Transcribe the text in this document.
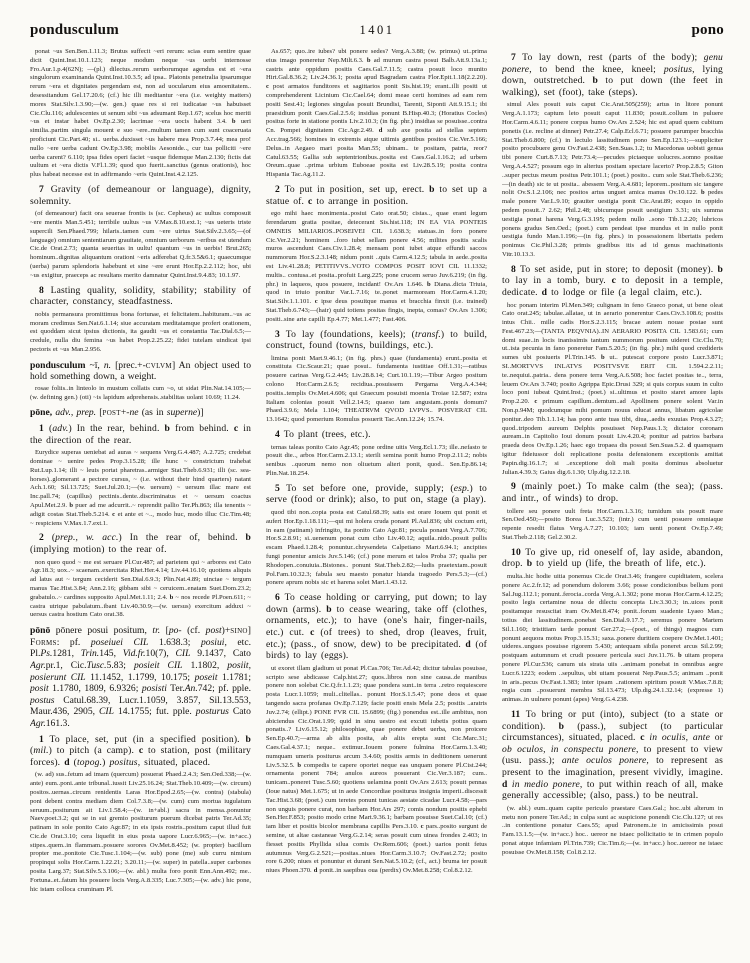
pondusculum	1401	pono

ponat ~us Sen.Ben.1.11.3; Brutus suffecit ~eri rerum: scias eum sentire quae dicit Quint.Inst.10.1.123; neque modum neque ~us uerbi internosse Fro.Aur.1.p.4(62N); —(pl.) dilectus..rerum uerborumque agendus est et ~era singulorum examinanda Quint.Inst.10.3.5; ad ipsa.. Platonis penetralia ipsarumque rerum ~era et dignitates pergendam est, non ad uocularum eius amoenitatem.. desessitandum Gel.17.20.6; (cf.) hic illi meditantur ~era (i.e. weighty matters) mores Stat.Silv.1.3.90;—(w. gen.) quae res si rei iudicatae ~us habuisset Cic.Clu.116; adulescentes ut senum sibi ~us adsumant Rep.1.67; scelus hoc meriti ~us et instar habet Ov.Ep.2.30; lacrimae ~era uocis habent 3.4. b ueri similia..partim singula mouent e suo ~ere..multum tamen cum sunt coaceruata proficiunt Cic.Part.40; si.. uerba..duxisset ~us habere mea Prop.3.7.44; mea pro! nullo ~ere uerba cadunt Ov.Ep.3.98; mobilis Aesonide.., cur tua polliciti ~ere uerba carent? 6.110; ipsa fides operi faciet ~usque fidemque Man.2.130; fictis dat uultum et ~era dictis V.Fl.1.39; quod quo fuerit..sanctius (genus orationis), hoc plus habeat necesse est in adfirmando ~eris Quint.Inst.4.2.125.

7 Gravity (of demeanour or language), dignity, solemnity.

(of demeanour) facit ora seuerae frontis is (sc. Cepheus) ac uultus composuit ~ere mentis Man.5.451; terribile uultus ~us V.Max.8.10.ext.1; ~us ueteris triste supercili Sen.Phaed.799; hilaris..tamen cum ~ere uirtus Stat.Silv.2.3.65;—(of language) omnium sententiarum grauitate, omnium uerborum ~eribus est utendum Cic.de Orat.2.73; quanta seueritas in uultu! quantum ~us in uerbis! Brut.265; hominum..dignitas aliquantum orationi ~eris adferebat Q.fr.3.5&6.1; quaecumque (uerba) parum splendoris habebunt et sine ~ere erunt Hor.Ep.2.2.112; hoc, ubi ~us exigitur, praeceps ac resultans merito damnatur Quint.Inst.9.4.83; 10.1.97.

8 Lasting quality, solidity, stability; stability of character, constancy, steadfastness.

nobis permansura promittimus bona fortunae, et felicitatem..habituram..~us ac moram credimus Sen.Nat.6.1.14; siue accuratam meditatamque profert orationem, est quoddam sicut ipsius dictionis, ita gaudii ~us et constantia Tac.Dial.6.5;—credule, nulla diu femina ~us habet Prop.2.25.22; fidei tutelam uindicat ipsi pectoris et ~us Man.2.956.

pondusculum ~ī, n. [prec.+-cvlvm] An object used to hold something down, a weight.

rosae foliis..in linteolo in mustum collatis cum ~o, ut sidat Plin.Nat.14.105;—(w. defining gen.) (oti) ~is lapidum adprehensis..stabilitas uolant 10.69; 11.24.

pōne, adv., prep. [post+-ne (as in superne)]

1 (adv.) In the rear, behind. b from behind. c in the direction of the rear.

Eurydice superas ueniebat ad auras ~ sequens Verg.G.4.487; A.2.725; credebat dominae ~ uenire pedes Prop.3.15.28; ille hunc ~ constrictum trahebat Rut.Lup.1.14; illi ~ leuis portat pharetras..armiger Stat.Theb.6.931; illi (sc. sea-horses)..glomerant a pectore cursus, ~ (i.e. without their hind quarters) natant Ach.1.60; Sil.13.725; Suet.Jul.20.1;—(w. uersum) ~ uersum illac mare est Inc.pall.74; (capillus) pectinis..dente..discriminatus et ~ uersum coactus Apul.Met.2.9. b puer ad me adcurrit..~ reprendit pallio Ter.Ph.863; illa tenentis ~ adigit costas Stat.Theb.5.214. c et ante et ~.., modo huc, modo illuc Cic.Tim.48; ~ respiciens V.Max.1.7.ext.1.

2 (prep., w. acc.) In the rear of, behind. b (implying motion) to the rear of.

non queo quod ~ me est seruare Pl.Cur.487; ad parietem qui ~ arbores est Cato Agr.18.3; uox..~ scaenam..exercitata Rhet.Her.4.14; Liv.44.16.10; quotiens aliquis ad latus aut ~ tergum ceciderit Sen.Dial.6.9.3; Plin.Nat.4.89; uinctae ~ tergum manus Tac.Hist.3.84; Ann.2.16; gibbam sibi ~ ceruicem..enatam Suet.Dom.23.2; grabatulo..~ cardines supposito Apul.Met.1.11; 2.4. b ~ nos recede Pl.Poen.611; ~ castra utrique pabulatum..ibant Liv.40.30.9;—(w. uersus) exercitum adduxi ~ uersus castra hostium Cato orat.38.

pōnō pōnere posui positum, tr. [po- (cf. post)+sino] Forms: pf. poseiuei CIL 1.638.3; posiui, etc. Pl.Ps.1281, Trin.145, Vid.fr.10(7), CIL 9.1437, Cato Agr.pr.1, Cic.Tusc.5.83; posieit CIL 1.1802, posiit, posierunt CIL 11.1452, 1.1799, 10.175; poseit 1.1781; posit 1.1780, 1809, 6.9326; posisti Ter.An.742; pf. pple. postus Catul.68.39, Lucr.1.1059, 3.857, Sil.13.553, Maur.436, 2905, CIL 14.1755; fut. pple. posturus Cato Agr.161.3.

1 To place, set, put (in a specified position). b (mil.) to pitch (a camp). c to station, post (military forces). d (topog.) positus, situated, placed.

(w. ad) sus..fetum ad imam (quercum) posuerat Phaed.2.4.3; Sen.Oed.338;—(w. ante) eum..poni..ante tribunal..iussit Liv.25.16.24; Stat.Theb.10.409;—(w. circum) positos..uernas..circum renidentis Laras Hor.Epod.2.65;—(w. contra) (stabula) poni debent contra mediam diem Col.7.3.8;—(w. cum) cum mortua iugulatum seruum..positurum ait Liv.1.58.4;—(w. in+abl.) sacra in mensa..ponuntur Naev.poet.3.2; qui se in sui gremio positurum puerum dicebat patris Ter.Ad.35; patinam in sole ponito Cato Agr.87; in eis ipsis rostris..positum caput illud fuit Cic.de Orat.3.10; cera liquefit in eius posta uapore Lucr.6.965;—(w. in+acc.) stipes..quem..in flammam..posuere sorores Ov.Met.8.452; (w. propter) bacillum propter me..ponitote Cic.Tusc.1.104;—(w. sub) pone (me) sub curru nimium propinqui solis Hor.Carm.1.22.21; 3.20.11;—(w. super) in patella..super carbones posita Larg.37; Stat.Silv.5.3.106;—(w. abl.) multa foro ponit Enn.Ann.492; me.. Fortuna..et..fatum his posuere locis Verg.A.8.335; Luc.7.305;—(w. adv.) hic pone, hic istam colloca cruminam Pl.

As.657; quo..ire iubes? ubi ponere sedes? Verg.A.3.88; (w. primus) ut..prima eius imago poneretur Nep.Milt.6.3. b ad murum castra posui Balb.Att.9.13a.1; castris ante oppidum positis Caes.Gal.7.11.5; castra posuit loco munito Hirt.Gal.8.36.2; Liv.24.36.1; posita apud Bagradam castra Flor.Epit.1.18(2.2.20). c post armatos funditores et sagittarios ponit Sis.hist.19; erant..illi positi ut comprehenderent Licinium Cic.Cael.64; domi meae certi homines ad eam rem positi Sest.41; legiones singulas posuit Brundisi, Tarenti, Siponti Att.9.15.1; ibi praesidium ponit Caes.Gal.2.5.6; insidias ponunt B.Hisp.40.3; (Horatius Cocles) positus forte in statione pontis Liv.2.10.3; (in fig. phr.) insidias se posuisse..contra Cn. Pompei dignitatem Cic.Agr.2.49. d sub axe posita ad stellas septem Acc.trag.566; homines in extremis atque uitimis gentibus positos Cic.Ver.5.166; Delus..in Aegaeo mari posita Man.55; ubinam.. te positam, patria, reor? Catul.63.55; Gallia sub septentrionibus..posita est Caes.Gal.1.16.2; ad urbem Oreum..quae ..prima urbium Euboeae posita est Liv.28.5.19; posita contra Hispania Tac.Ag.11.2.

2 To put in position, set up, erect. b to set up a statue of. c to arrange in position.

ego mihi haec monimenta..posiui Cato orat.50; cistas.., quae erant legum ferendarum gratia positae, deiecerant Sis.hist.118; IN EA VIA PONTEIS OMNEIS MILIARIOS..POSEIVEI CIL 1.638.3; statuas..in foro ponere Cic.Ver.2.21; hominem ..foro iubet sellam ponere 4.56; milites positis scalis muros ascendunt Caes.Civ.1.28.4; mensam poni iubet atque effundi saccos nummorum Hor.S.2.3.148; nidum ponit ..quis Carm.4.12.5; tabula in aede..posita est Liv.41.28.8; PETITIVVS..VOTO COMPOS POSIT IOVI CIL 11.1332; multis.. contusa..et posita..profuit Larg.225; pone crucem seruo Juv.6.219; (in fig. phr.) in laqueos, quos posuere, incidant! Ov.Ars 1.646. b Diana..dicta Triuia, quod in triuio ponitur Var.L.7.16; te..ponet marmoream Hor.Carm.4.1.20; Stat.Silv.1.1.101. c ipse deus posuitque manus et bracchia finxit (i.e. trained) Stat.Theb.6.743;—(hair) quid totiens positas fingis, inepta, comas? Ov.Ars 1.306; positi..sine arte capilli Ep.4.77; Met.1.477; Fast.406.

3 To lay (foundations, keels); (transf.) to build, construct, found (towns, buildings, etc.).

limina ponit Mart.9.46.1; (in fig. phrs.) quae (fundamenta) erunt..posita et constituta Cic.Scaur.21; quae posui.. fundamenta iustitiae Off.1.31;—ratibus posuere carinas Verg.G.2.445; Liv.28.8.14; Curt.10.1.19;—Tibur Argeo positum colono Hor.Carm.2.6.5; recidiua..posuissem Pergama Verg.A.4.344; positis..templis Ov.Met.4.606; qui Graecum posuisti moenia Troiae 12.587; extra Italiam colonias posuit Vell.2.14.5; quaeso tam angustam..ponis domum? Phaed.3.9.6; Mela 1.104; THEATRVM QVOD LVPVS.. POSVERAT CIL 13.1642; quod pomerium Romulus posuerit Tac.Ann.12.24; 15.74.

4 To plant (trees, etc.).

ternas taleas ponito Cato Agr.45; pone ordine uitis Verg.Ecl.1.73; ille..nefasto te posuit die.., arbos Hor.Carm.2.13.1; sterili semina ponit humo Prop.2.11.2; nobis senibus ..quorum nemo non oliuetum alteri ponit, quod.. Sen.Ep.86.14; Plin.Nat.18.254.

5 To set before one, provide, supply; (esp.) to serve (food or drink); also, to put on, stage (a play).

quod tibi non..copia posta est Catul.68.39; satis est orare Iouem qui ponit et aufert Hor.Ep.1.18.111;—qui mi holera cruda ponant Pl.Aul.836; ubi coctum erit, in eam (patinam) infringito, ita ponito Cato Agr.81; pocula ponant Verg.A.7.706; Hor.S.2.8.91; si..uenenum ponat cum cibo Liv.40.12; aquila..nido..posuit pullis escam Phaed.1.28.4; ponuntur..chrysendeta Calpetiano Mart.6.94.1; ancipites fungi ponentur amicis Juv.5.146; (cf.) pone merum et talos Proba 37; qualia per Rhodopen..conuiuia..Bistones.. ponunt Stat.Theb.2.82;—ludis praetextam..posuit Pol.Fam.10.32.3; fabula seu maesto ponatur hianda tragoedo Pers.5.3;—(cf.) ponere aprum nobis sic et harena solet Mart.1.43.12.

6 To cease holding or carrying, put down; to lay down (arms). b to cease wearing, take off (clothes, ornaments, etc.); to have (one's hair, finger-nails, etc.) cut. c (of trees) to shed, drop (leaves, fruit, etc.); (pass., of snow, dew) to be precipitated. d (of birds) to lay (eggs).

ut exoret illam gladium ut ponat Pl.Cas.706; Ter.Ad.42; dicitur tabulas posuisse, scripto sese abdicasse Calp.hist.27; quos..libros non sine causa..de manibus ponere non solebat Cic.Q.fr.1.1.23; quae pondera sunt..in terra ..retro requiescere posta Lucr.1.1059; muli..clitellas.. ponunt Hor.S.1.5.47; pone deos et quae tangendo sacra profanas Ov.Ep.7.129; facie positi ensis Mela 2.5; positis ..aratris Juv.2.74; (ellipt.) PONE FVR CIL 15.6899; (fig.) ponendus est..ille ambitus, non abiciendus Cic.Orat.1.99; quid in sinu uestro est excuti iubetis potius quam ponatis..? Liv.6.15.12; philosophiae, quae ponere debet uerba, non proicere Sen.Ep.40.7;—arma ab aliis posita, ab aliis erepta sunt Cic.Marc.31; Caes.Gal.4.37.1; neque.. extimur..Iouem ponere fulmina Hor.Carm.1.3.40; numquam umeris positurus arcum 3.4.60; positis armis in deditionem uenerunt Liv.5.32.5. b compedis te capere oportet neque eas unquam ponere Pl.Cist.244; ornamenta ponent 784; anulos aureos posuerant Cic.Ver.3.187; cum.. tunicam..poneret Tusc.5.60; quotiens uelamina ponit Ov.Ars 2.613; posuit pennas (Ioue natus) Met.1.675; ut in aede Concordiae positurus insignia imperii..discessit Tac.Hist.3.68; (poet.) cum teretes ponunt tunicas aestate cicadae Lucr.4.58;—pars non unguis ponere curat, non barbam Hor.Ars 297; comis nondum positis ephebi Sen.Her.F.853; posito modo crine Mart.9.36.1; barbam posuisse Suet.Cal.10; (cf.) iam liber et positis bicolor membrana capillis Pers.3.10. c pars..posito surgunt de semine, ut altae castaneae Verg.G.2.14; seras posuit cum uinea frondes 2.403; in fiesset positis Phyllida silua comis Ov.Rem.606; (poet.) uarios ponit fetus autumnus Verg.G.2.521;—positas..niues Hor.Carm.3.10.7; Ov.Fast.2.72; posito rore 6.200; niues et ponuntur et durant Sen.Nat.5.10.2; (cf., act.) bruma ter posuit niues Phoen.370. d ponit..in saepibus oua (perdix) Ov.Met.8.258; Col.8.2.12.

7 To lay down, rest (parts of the body); genu ponere, to bend the knee, kneel; positus, lying down, outstretched. b to put down (the feet in walking), set (foot), take (steps).

simul Ales posuit suis caput Cic.Arat.505(259); artus in litore ponunt Verg.A.1.173; captum leto posuit caput 11.830; posuit..collum in puluere Hor.Carm.4.6.11; ponere corpus humo Ov.Ars 2.524; hic est apud quem cubitum ponetis (i.e. recline at dinner) Petr.27.4; Calp.Ecl.6.71; posuere parumper bracchia Stat.Theb.6.800; (cf.) in lectulo lassitudinem pono Sen.Ep.123.1;—suppliciter posito procubuere genu Ov.Fast.2.438; Sen.Suas.1.2; tu Macedonas uobisti genua tibi ponere Curt.8.7.13; Petr.73.4;—pecudes pictaeque uolucres..somno positae Verg.A.4.527; possum ego in alterius positam spectare lacerto? Prop.2.8.5; Giton ..super pectus meum positus Petr.101.1; (poet.) posito.. cum sole Stat.Theb.6.236;—(in death) sic te ut posita.. abessem Verg.A.4.681; leporem..positum sic tangere nolit Ov.S.1.2.106; nec positos artus unguet amica manus Ov.10.122. b pedes male ponere Var.L.9.10; grauiter uestigia ponit Cic.Arat.89; ecquo in oppido pedem posuit..? 2.62; Phil.2.48; ubicumque posuit uestigium 3.31; uix summa uestigia ponat harena Verg.G.3.195; pedem nullo ..sono Tib.1.2.20; lubricos ponens gradus Sen.Oed.; (poet.) cum pendeat ipse mundus et in nullo ponit uestigia fundo Man.1.196;—(in fig. phrs.) in possessionem libertatis pedem ponimus Cic.Phil.3.28; primis gradibus itis ad id genus machinationis Vitr.10.13.3.

8 To set aside, put in store; to deposit (money). b to lay in a tomb, bury. c to deposit in a temple, dedicate. d to lodge or file (a legal claim, etc.).

hoc ponam interim Pl.Men.349; culignam in feno Graeco ponat, ut bene oleat Cato orat.245; tabulae..allatae, ut in aerario ponerentur Caes.Civ.3.108.6; positis intus Chii.. mille cadis Hor.S.2.3.115; bracae autem nouae postae sunt Fest.467.23;—(TANTA PEQVNIA)..IN AERARIO POSITA CIL 1.583.61; cum domi suae..in locis inanissimis tantum nummorum positum uideret Cic.Clu.70; ut..ista pecunia in fano poneretur Fam.5.20.5; (in fig. phr.) mihi quod credideris sumes ubi posiueris Pl.Trin.145. b ut.. putescat corpore posto Lucr.3.871; SI..MORTVVS INLATVS POSITVSVE ERIT CIL 1.594.2.2.11; te..nequiui..patria.. dens ponere terra Verg.A.6.508; hoc faciet positas te.., terra, leuem Ov.Ars 3.740; posito Agrippa Epic.Drusi 329; si quis corpus suum in culto loco poni iubeat Quint.Inst.; (poet.) si..ultimus et posito staret amore lapis Prop.2.20. c primum capillum..demtum..ad Apollinem ponere solent Var.in Non.p.94M; quodcumque mihi pomum nouus educat annus, libatum agricolae ponitur..deo Tib.1.1.14; has pono ante tuas tibi, diua,..aedis exuuias Prop.4.3.27; quod..tripodem aureum Delphis posuisset Nep.Paus.1.3; dictator coronam auream..in Capitolio Ioui donum posuit Liv.4.20.4; ponitur ad patrios barbara praeda deos Ov.Ep.1.26; haec ego tropaea dis possui Sen.Suas.5.2. d quamquam igitur fideiussor doli replicatione posita defensionem exceptionis amittat Papin.dig.16.1.7; si ..exceptione doli mali posita dominus absoluetur Julian.4.39.3; Gaius dig.6.1.30; Ulp.dig.12.2.18.

9 (mainly poet.) To make calm (the sea); (pass. and intr., of winds) to drop.

tollere seu ponere uult freta Hor.Carm.1.3.16; tumidum uis posuit mare Sen.Oed.450;—posito Borea Luc.3.523; (intr.) cum uenti posuere omniaque repente resedit flatus Verg.A.7.27; 10.103; iam uenti ponent Ov.Ep.7.49; Stat.Theb.2.118; Gel.2.30.2.

10 To give up, rid oneself of, lay aside, abandon, drop. b to yield up (life, the breath of life, etc.).

multa..hic hodie uitia ponemus Cic.de Orat.3.46; frangere cupiditatem, scelera ponere Ac.2.fr.12; ad ponendum dolorem 3.66; posse condicionibus bellum poni Sal.Jug.112.1; ponunt..ferocia..corda Verg.A.1.302; pone moras Hor.Carm.4.12.25; posito legis certamine noua de dilectu concepta Liv.3.30.3; in..uices ponit positamque resuscitat iram Ov.Met.8.474; ponit..forum suadente Lyaeo Man.; totius diei lassitudinem..ponebat Sen.Dial.9.17.7; seremus ponere Martem Sil.1.160; tristitiam tarde ponunt Ger.27.2;—(poet., of things) magnos cum ponunt aequora motus Prop.3.15.31; saxa..ponere duritiem coepere Ov.Met.1.401; uideres..ungues posuisse rigorem 5.430; antequam sibila poneret arcus Sil.2.99; postquam autumnum et crudi posuere pericula suci Juv.11.76. b uitam propera ponere Pl.Cur.536; canum uis strata uiis ..animam ponebat in omnibus aegre Lucr.6.1223; eodem ..sepultus, ubi uitam posuerat Nep.Paus.5.5; animam ..ponit in aris..pecus Ov.Fast.1.383; inter ipsam ..rationem spiritum posuit V.Max.7.8.8; regia cum ..posuerunt membra Sil.13.473; Ulp.dig.24.1.32.14; (expresse 1) animas..in uulnere ponunt (apes) Verg.G.4.238.

11 To bring or put (into), subject (to a state or condition). b (pass.), subject (to particular circumstances), situated, placed. c in oculis, ante or ob oculos, in conspectu ponere, to present to view (usu. pass.); ante oculos ponere, to represent as present to the imagination, present vividly, imagine. d in medio ponere, to put within reach of all, make generally accessible; (also, pass.) to be neutral.

(w. abl.) eum..quam capite periculo praestare Caes.Gal.; hoc..ubi alterum in metu non ponere Ter.Ad.; in culpa sunt ac suspicione ponendi Cic.Clu.127; ut res ..in contentione ponatur Caes.55; apud Patronem..te in amicissimis posui Fam.13.1.5;—(w. in+acc.) hoc.. uereor ne istaec pollicitatio te in crimen populo ponat atque infamiam Pl.Trin.739; Cic.Tim.6;—(w. in+acc.) hoc..uereor ne istaec posuisse Ov.Met.8.158; Col.8.2.12.
